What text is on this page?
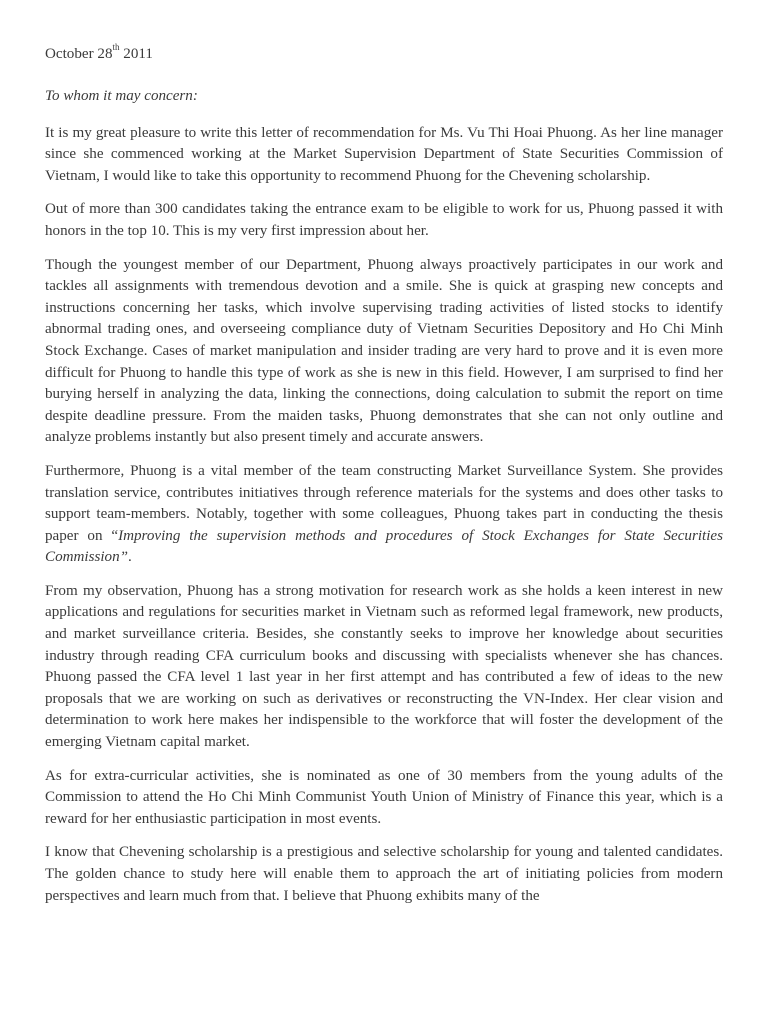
October 28th 2011

To whom it may concern:

It is my great pleasure to write this letter of recommendation for Ms. Vu Thi Hoai Phuong. As her line manager since she commenced working at the Market Supervision Department of State Securities Commission of Vietnam, I would like to take this opportunity to recommend Phuong for the Chevening scholarship.

Out of more than 300 candidates taking the entrance exam to be eligible to work for us, Phuong passed it with honors in the top 10. This is my very first impression about her.

Though the youngest member of our Department, Phuong always proactively participates in our work and tackles all assignments with tremendous devotion and a smile. She is quick at grasping new concepts and instructions concerning her tasks, which involve supervising trading activities of listed stocks to identify abnormal trading ones, and overseeing compliance duty of Vietnam Securities Depository and Ho Chi Minh Stock Exchange. Cases of market manipulation and insider trading are very hard to prove and it is even more difficult for Phuong to handle this type of work as she is new in this field. However, I am surprised to find her burying herself in analyzing the data, linking the connections, doing calculation to submit the report on time despite deadline pressure. From the maiden tasks, Phuong demonstrates that she can not only outline and analyze problems instantly but also present timely and accurate answers.

Furthermore, Phuong is a vital member of the team constructing Market Surveillance System. She provides translation service, contributes initiatives through reference materials for the systems and does other tasks to support team-members. Notably, together with some colleagues, Phuong takes part in conducting the thesis paper on “Improving the supervision methods and procedures of Stock Exchanges for State Securities Commission”.

From my observation, Phuong has a strong motivation for research work as she holds a keen interest in new applications and regulations for securities market in Vietnam such as reformed legal framework, new products, and market surveillance criteria. Besides, she constantly seeks to improve her knowledge about securities industry through reading CFA curriculum books and discussing with specialists whenever she has chances. Phuong passed the CFA level 1 last year in her first attempt and has contributed a few of ideas to the new proposals that we are working on such as derivatives or reconstructing the VN-Index. Her clear vision and determination to work here makes her indispensible to the workforce that will foster the development of the emerging Vietnam capital market.

As for extra-curricular activities, she is nominated as one of 30 members from the young adults of the Commission to attend the Ho Chi Minh Communist Youth Union of Ministry of Finance this year, which is a reward for her enthusiastic participation in most events.

I know that Chevening scholarship is a prestigious and selective scholarship for young and talented candidates. The golden chance to study here will enable them to approach the art of initiating policies from modern perspectives and learn much from that. I believe that Phuong exhibits many of the
